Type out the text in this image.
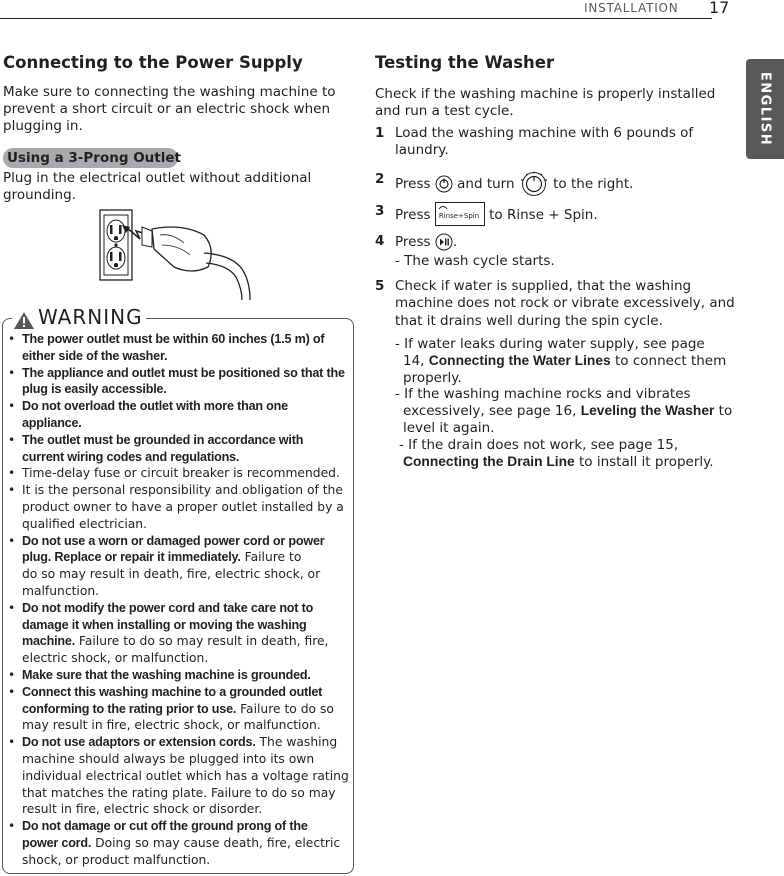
INSTALLATION 17
ENGLISH
Connecting to the Power Supply

Make sure to connecting the washing machine to

prevent a short circuit or an electric shock when

plugging in.

Using a 3-Prong Outlet

Plug in the electrical outlet without additional

grounding.

WARNING
• The power outlet must be within 60 inches (1.5 m) of
either side of the washer.
• The appliance and outlet must be positioned so that the
plug is easily accessible.
• Do not overload the outlet with more than one
appliance.
• The outlet must be grounded in accordance with
current wiring codes and regulations.
• Time-delay fuse or circuit breaker is recommended.
• It is the personal responsibility and obligation of the
product owner to have a proper outlet installed by a
qualified electrician.
• Do not use a worn or damaged power cord or power
plug. Replace or repair it immediately. Failure to
do so may result in death, fire, electric shock, or
malfunction.
• Do not modify the power cord and take care not to
damage it when installing or moving the washing
machine. Failure to do so may result in death, fire,
electric shock, or malfunction.
• Make sure that the washing machine is grounded.
• Connect this washing machine to a grounded outlet
conforming to the rating prior to use. Failure to do so
may result in fire, electric shock, or malfunction.
• Do not use adaptors or extension cords. The washing
machine should always be plugged into its own
individual electrical outlet which has a voltage rating
that matches the rating plate. Failure to do so may
result in fire, electric shock or disorder.
• Do not damage or cut off the ground prong of the
power cord. Doing so may cause death, fire, electric
shock, or product malfunction.
Testing the Washer

Check if the washing machine is properly installed

and run a test cycle.

1 Load the washing machine with 6 pounds of
laundry.
2 Press and turn	to the right.
3 Press Rinse+Spin to Rinse + Spin.
4 Press .
- The wash cycle starts.
5 Check if water is supplied, that the washing
machine does not rock or vibrate excessively, and
that it drains well during the spin cycle.
- If water leaks during water supply, see page
14, Connecting the Water Lines to connect them
properly.
- If the washing machine rocks and vibrates
excessively, see page 16, Leveling the Washer to
level it again.
- If the drain does not work, see page 15,
Connecting the Drain Line to install it properly.
